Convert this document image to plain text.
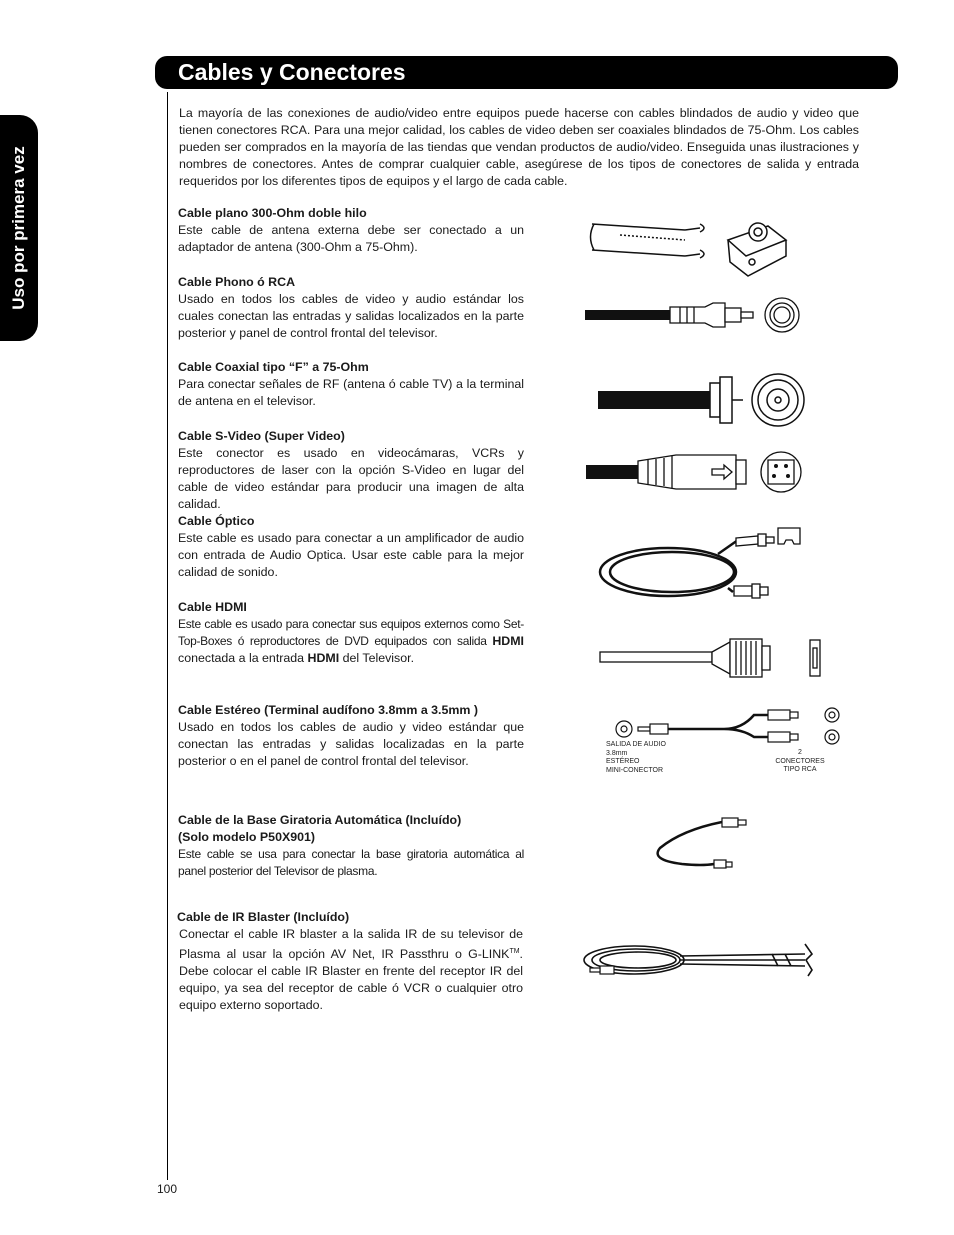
Cables y Conectores
Uso por primera vez
La mayoría de las conexiones de audio/video entre equipos puede hacerse con cables blindados de audio y video que tienen conectores RCA. Para una mejor calidad, los cables de video deben ser coaxiales blindados de 75-Ohm. Los cables pueden ser comprados en la mayoría de las tiendas que vendan productos de audio/video. Enseguida unas ilustraciones y nombres de conectores. Antes de comprar cualquier cable, asegúrese de los tipos de conectores de salida y entrada requeridos por los diferentes tipos de equipos y el largo de cada cable.
Cable plano 300-Ohm doble hilo

Este cable de antena externa debe ser conectado a un adaptador de antena (300-Ohm a 75-Ohm).

Cable Phono ó RCA

Usado en todos los cables de video y audio estándar los cuales conectan las entradas y salidas localizados en la parte posterior y panel de control frontal del televisor.

Cable Coaxial tipo “F” a 75-Ohm

Para conectar señales de RF (antena ó cable TV) a la terminal de antena en el televisor.

Cable S-Video (Super Video)

Este conector es usado en videocámaras, VCRs y reproductores de laser con la opción S-Video en lugar del cable de video estándar para producir una imagen de alta calidad.

Cable Óptico

Este cable es usado para conectar a un amplificador de audio con entrada de Audio Optica. Usar este cable para la mejor calidad de sonido.

Cable HDMI

Este cable es usado para conectar sus equipos externos como Set-Top-Boxes ó reproductores de DVD equipados con salida HDMI conectada a la entrada HDMI del Televisor.

Cable Estéreo (Terminal audífono 3.8mm a 3.5mm )

Usado en todos los cables de audio y video estándar que conectan las entradas y salidas localizadas en la parte posterior o en el panel de control frontal del televisor.

Cable de la Base Giratoria Automática (Incluído)
(Solo modelo P50X901)

Este cable se usa para conectar la base giratoria automática al panel posterior del Televisor de plasma.

Cable de IR Blaster (Incluído)

Conectar el cable IR blaster a la salida IR de su televisor de Plasma al usar la opción AV Net, IR Passthru o G-LINK™. Debe colocar el cable IR Blaster en frente del receptor IR del equipo, ya sea del receptor de cable ó VCR o cualquier otro equipo externo soportado.

SALIDA DE AUDIO
3.8mm
ESTÉREO
MINI-CONECTOR
2
CONECTORES
TIPO RCA
100
